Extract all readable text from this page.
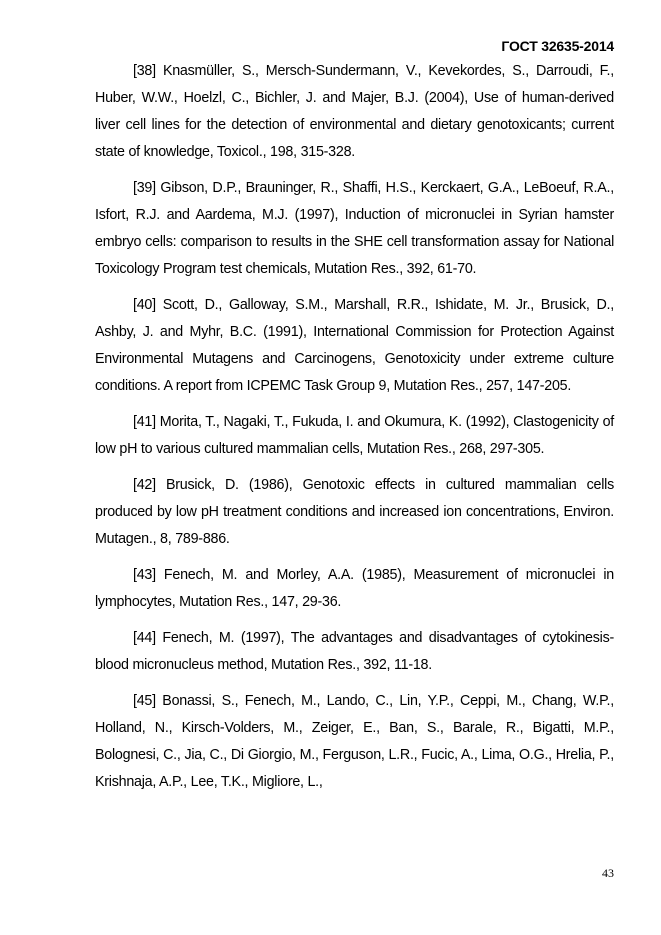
ГОСТ 32635-2014

[38] Knasmüller, S., Mersch-Sundermann, V., Kevekordes, S., Darroudi, F., Huber, W.W., Hoelzl, C., Bichler, J. and Majer, B.J. (2004), Use of human-derived liver cell lines for the detection of environmental and dietary genotoxicants; current state of knowledge, Toxicol., 198, 315-328.

[39] Gibson, D.P., Brauninger, R., Shaffi, H.S., Kerckaert, G.A., LeBoeuf, R.A., Isfort, R.J. and Aardema, M.J. (1997), Induction of micronuclei in Syrian hamster embryo cells: comparison to results in the SHE cell transformation assay for National Toxicology Program test chemicals, Mutation Res., 392, 61-70.

[40] Scott, D., Galloway, S.M., Marshall, R.R., Ishidate, M. Jr., Brusick, D., Ashby, J. and Myhr, B.C. (1991), International Commission for Protection Against Environmental Mutagens and Carcinogens, Genotoxicity under extreme culture conditions. A report from ICPEMC Task Group 9, Mutation Res., 257, 147-205.

[41] Morita, T., Nagaki, T., Fukuda, I. and Okumura, K. (1992), Clastogenicity of low pH to various cultured mammalian cells, Mutation Res., 268, 297-305.

[42] Brusick, D. (1986), Genotoxic effects in cultured mammalian cells produced by low pH treatment conditions and increased ion concentrations, Environ. Mutagen., 8, 789-886.

[43] Fenech, M. and Morley, A.A. (1985), Measurement of micronuclei in lymphocytes, Mutation Res., 147, 29-36.

[44] Fenech, M. (1997), The advantages and disadvantages of cytokinesis-blood micronucleus method, Mutation Res., 392, 11-18.

[45] Bonassi, S., Fenech, M., Lando, C., Lin, Y.P., Ceppi, M., Chang, W.P., Holland, N., Kirsch-Volders, M., Zeiger, E., Ban, S., Barale, R., Bigatti, M.P., Bolognesi, C., Jia, C., Di Giorgio, M., Ferguson, L.R., Fucic, A., Lima, O.G., Hrelia, P., Krishnaja, A.P., Lee, T.K., Migliore, L.,

43
